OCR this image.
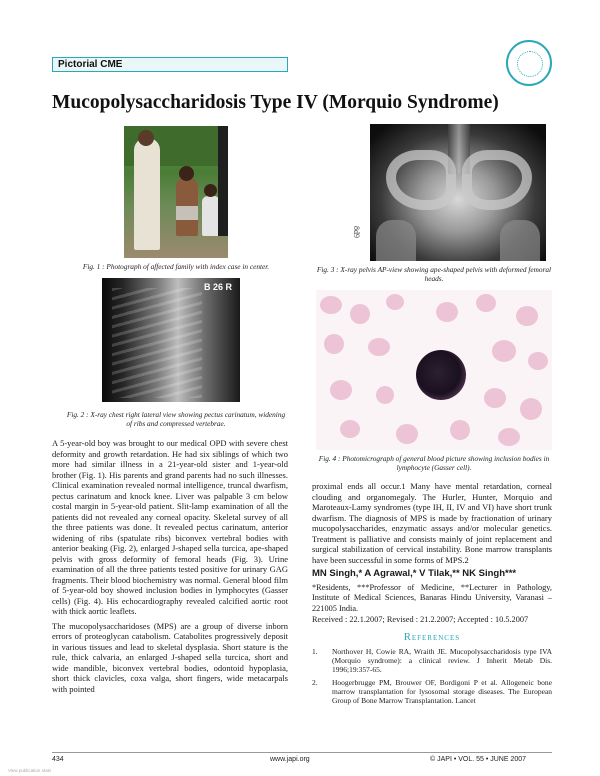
Pictorial CME
Mucopolysaccharidosis Type IV (Morquio Syndrome)
Fig. 1 : Photograph of affected family with index case in center.
8d9
Fig. 3 : X-ray pelvis AP-view showing ape-shaped pelvis with deformed femoral heads.
B 26 R
Fig. 2 : X-ray chest right lateral view showing pectus carinatum, widening of ribs and compressed vertebrae.
Fig. 4 : Photomicrograph of general blood picture showing inclusion bodies in lymphocyte (Gasser cell).

A 5-year-old boy was brought to our medical OPD with severe chest deformity and growth retardation. He had six siblings of which two more had similar illness in a 21-year-old sister and 1-year-old brother (Fig. 1). His parents and grand parents had no such illnesses. Clinical examination revealed normal intelligence, truncal dwarfism, pectus carinatum and knock knee. Liver was palpable 3 cm below costal margin in 5-year-old patient. Slit-lamp examination of all the patients did not revealed any corneal opacity. Skeletal survey of all the three patients was done. It revealed pectus carinatum, anterior widening of ribs (spatulate ribs) biconvex vertebral bodies with anterior beaking (Fig. 2), enlarged J-shaped sella turcica, ape-shaped pelvis with gross deformity of femoral heads (Fig. 3). Urine examination of all the three patients tested positive for urinary GAG fragments. Their blood biochemistry was normal. General blood film of 5-year-old boy showed inclusion bodies in lymphocytes (Gasser cells) (Fig. 4). His echocardiography revealed calcified aortic root with thick aortic leaflets.

The mucopolysaccharidoses (MPS) are a group of diverse inborn errors of proteoglycan catabolism. Catabolites progressively deposit in various tissues and lead to skeletal dysplasia. Short stature is the rule, thick calvaria, an enlarged J-shaped sella turcica, short and wide mandible, biconvex vertebral bodies, odontoid hypoplasia, short thick clavicles, coxa valga, short fingers, wide metacarpals with pointed

proximal ends all occur.1 Many have mental retardation, corneal clouding and organomegaly. The Hurler, Hunter, Morquio and Maroteaux-Lamy syndromes (type IH, II, IV and VI) have short trunk dwarfism. The diagnosis of MPS is made by fractionation of urinary mucopolysaccharides, enzymatic assays and/or molecular genetics. Treatment is palliative and consists mainly of joint replacement and surgical stabilization of cervical instability. Bone marrow transplants have been successful in some forms of MPS.2

MN Singh,* A Agrawal,* V Tilak,** NK Singh***
*Residents, ***Professor of Medicine, **Lecturer in Pathology, Institute of Medical Sciences, Banaras Hindu University, Varanasi – 221005 India.
Received : 22.1.2007; Revised : 21.2.2007; Accepted : 10.5.2007
References
1.	Northover H, Cowie RA, Wraith JE. Mucopolysaccharidosis type IVA (Morquio syndrome): a clinical review. J Inherit Metab Dis. 1996;19:357-65.
2.	Hoogerbrugge PM, Brouwer OF, Bordigoni P et al. Allogeneic bone marrow transplantation for lysosomal storage diseases. The European Group of Bone Marrow Transplantation. Lancet
434	www.japi.org	© JAPI • VOL. 55 • JUNE 2007
View publication stats
